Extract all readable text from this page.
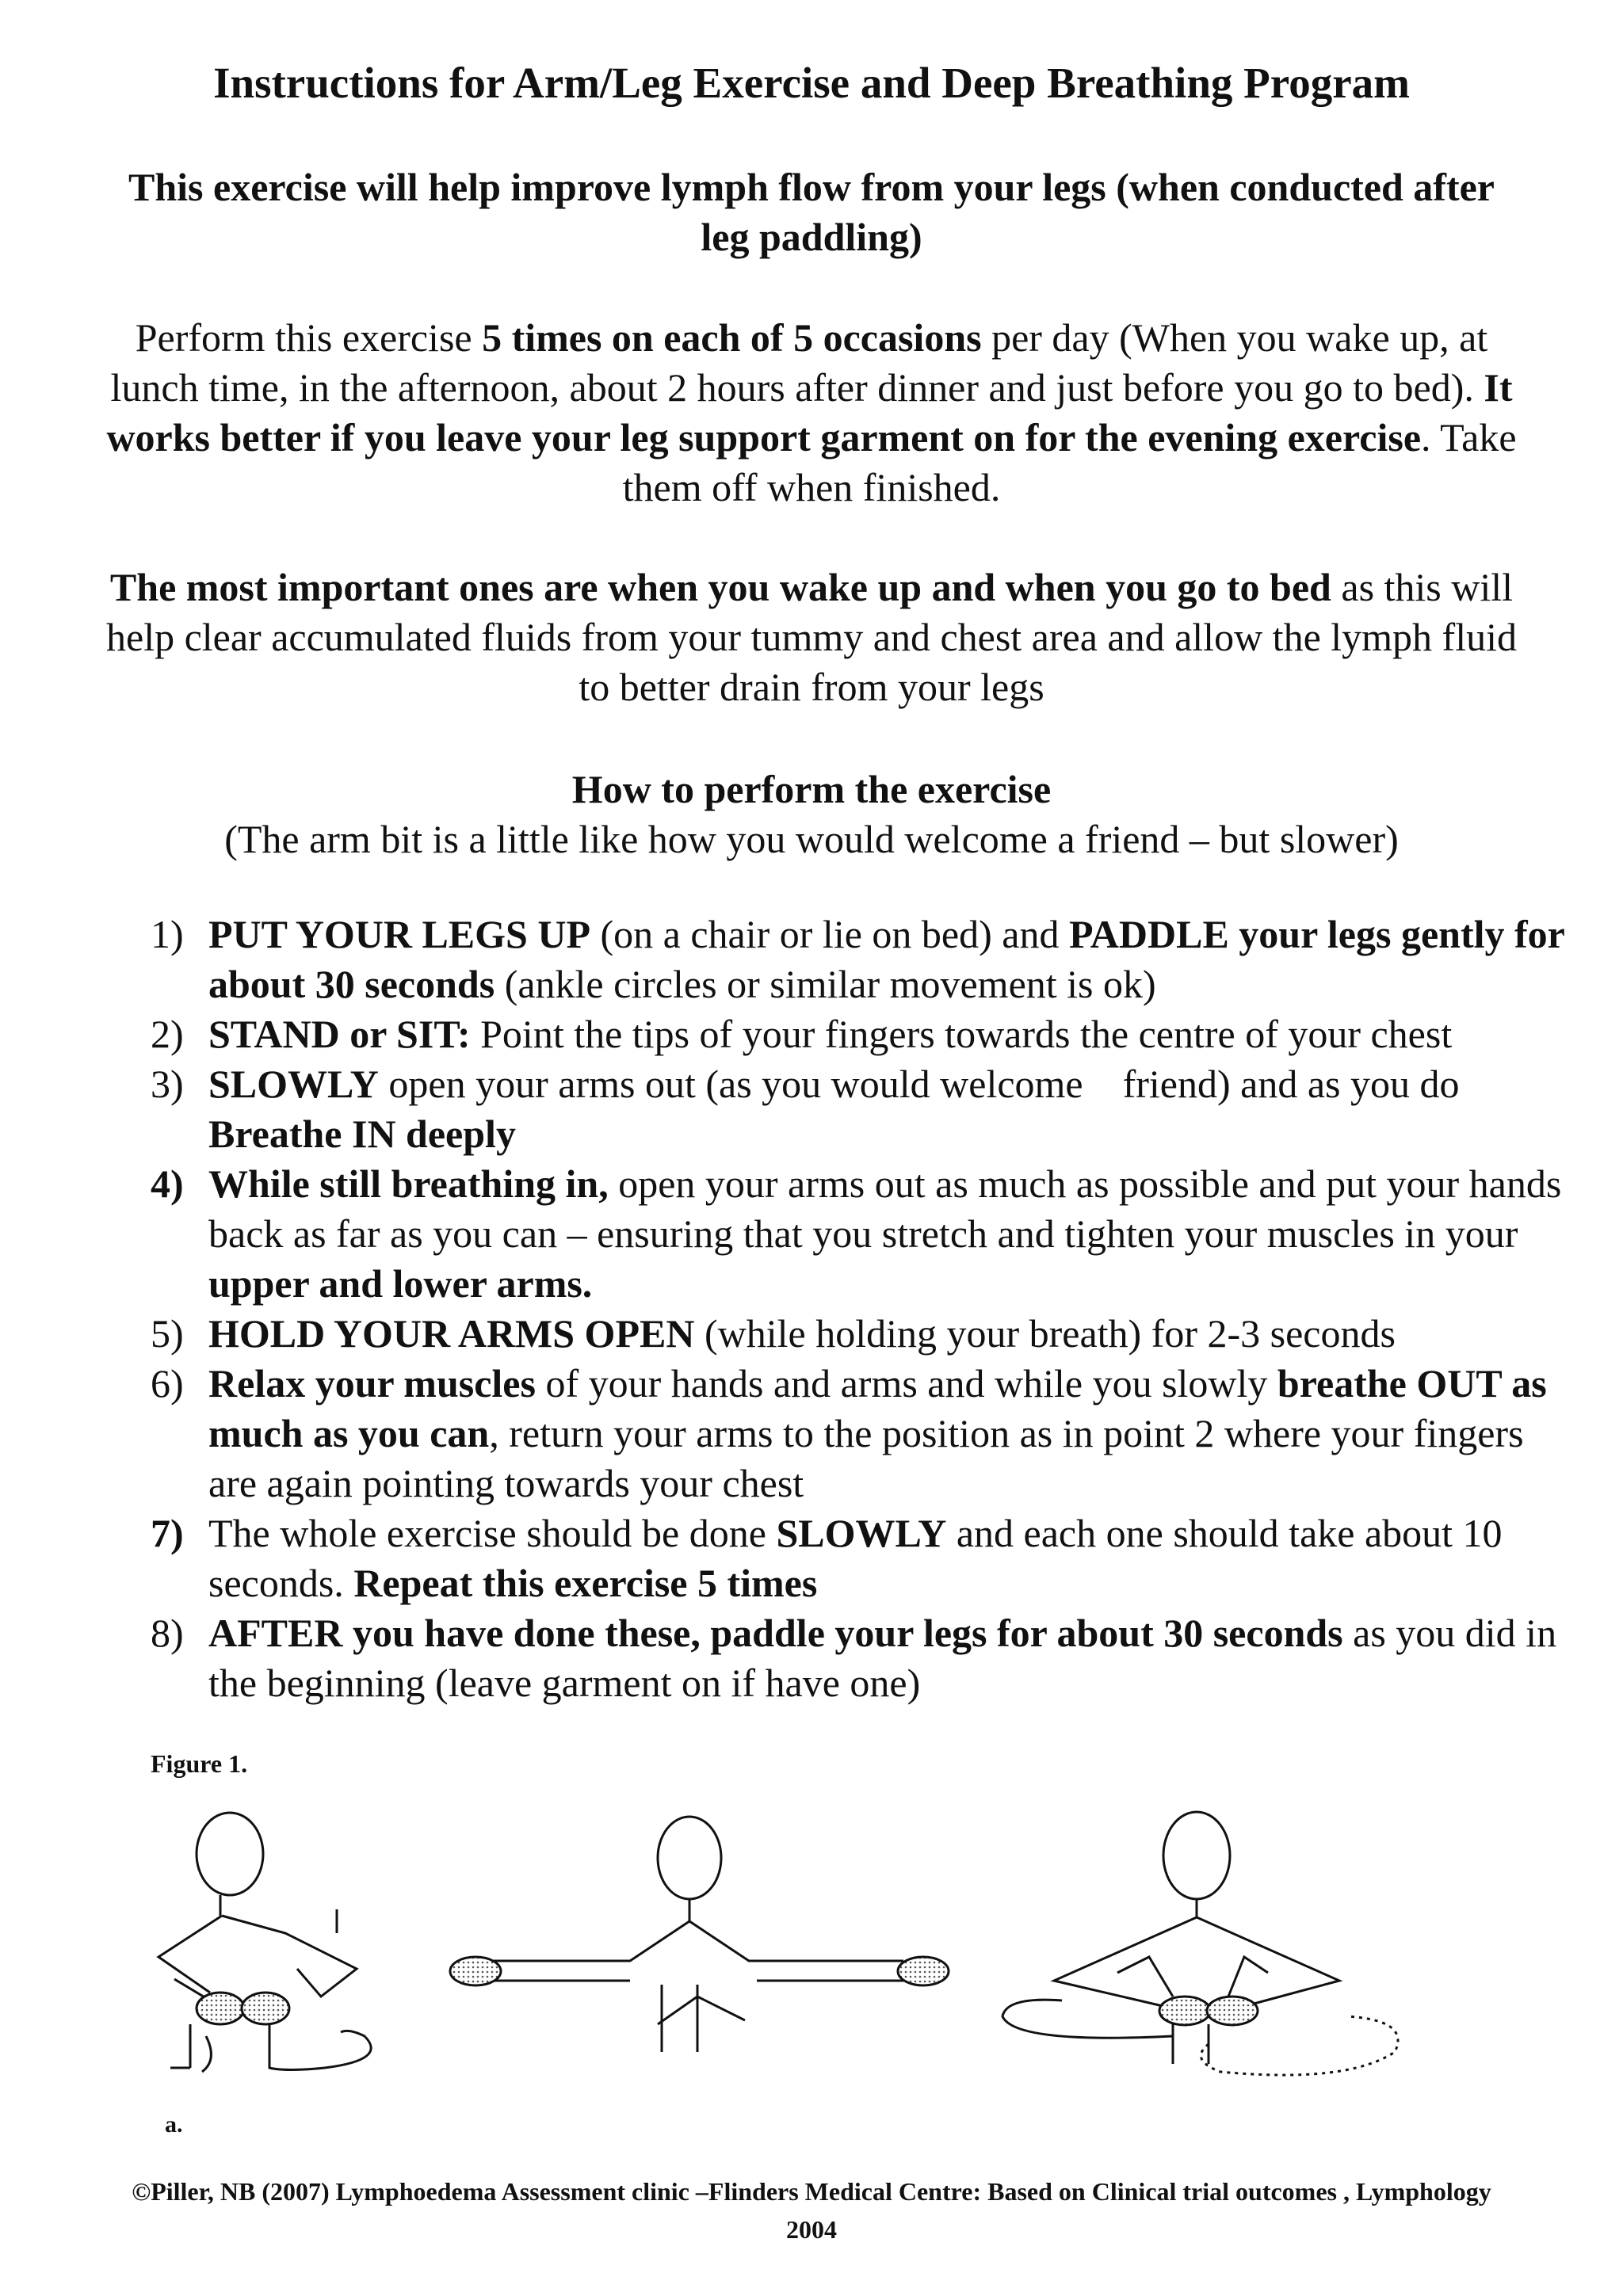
Instructions for Arm/Leg Exercise and Deep Breathing Program
This exercise will help improve lymph flow from your legs (when conducted after leg paddling)
Perform this exercise 5 times on each of 5 occasions per day (When you wake up, at lunch time, in the afternoon, about 2 hours after dinner and just before you go to bed). It works better if you leave your leg support garment on for the evening exercise. Take them off when finished.
The most important ones are when you wake up and when you go to bed as this will help clear accumulated fluids from your tummy and chest area and allow the lymph fluid to better drain from your legs
How to perform the exercise
(The arm bit is a little like how you would welcome a friend – but slower)
1) PUT YOUR LEGS UP (on a chair or lie on bed) and PADDLE your legs gently for about 30 seconds (ankle circles or similar movement is ok)
2) STAND or SIT: Point the tips of your fingers towards the centre of your chest
3) SLOWLY open your arms out (as you would welcome    friend) and as you do Breathe IN deeply
4) While still breathing in, open your arms out as much as possible and put your hands back as far as you can – ensuring that you stretch and tighten your muscles in your upper and lower arms.
5) HOLD YOUR ARMS OPEN (while holding your breath) for 2-3 seconds
6) Relax your muscles of your hands and arms and while you slowly breathe OUT as much as you can, return your arms to the position as in point 2 where your fingers are again pointing towards your chest
7) The whole exercise should be done SLOWLY and each one should take about 10 seconds. Repeat this exercise 5 times
8) AFTER you have done these, paddle your legs for about 30 seconds as you did in the beginning (leave garment on if have one)
Figure 1.
a.
©Piller, NB (2007) Lymphoedema Assessment clinic –Flinders Medical Centre: Based on Clinical trial outcomes , Lymphology 2004
